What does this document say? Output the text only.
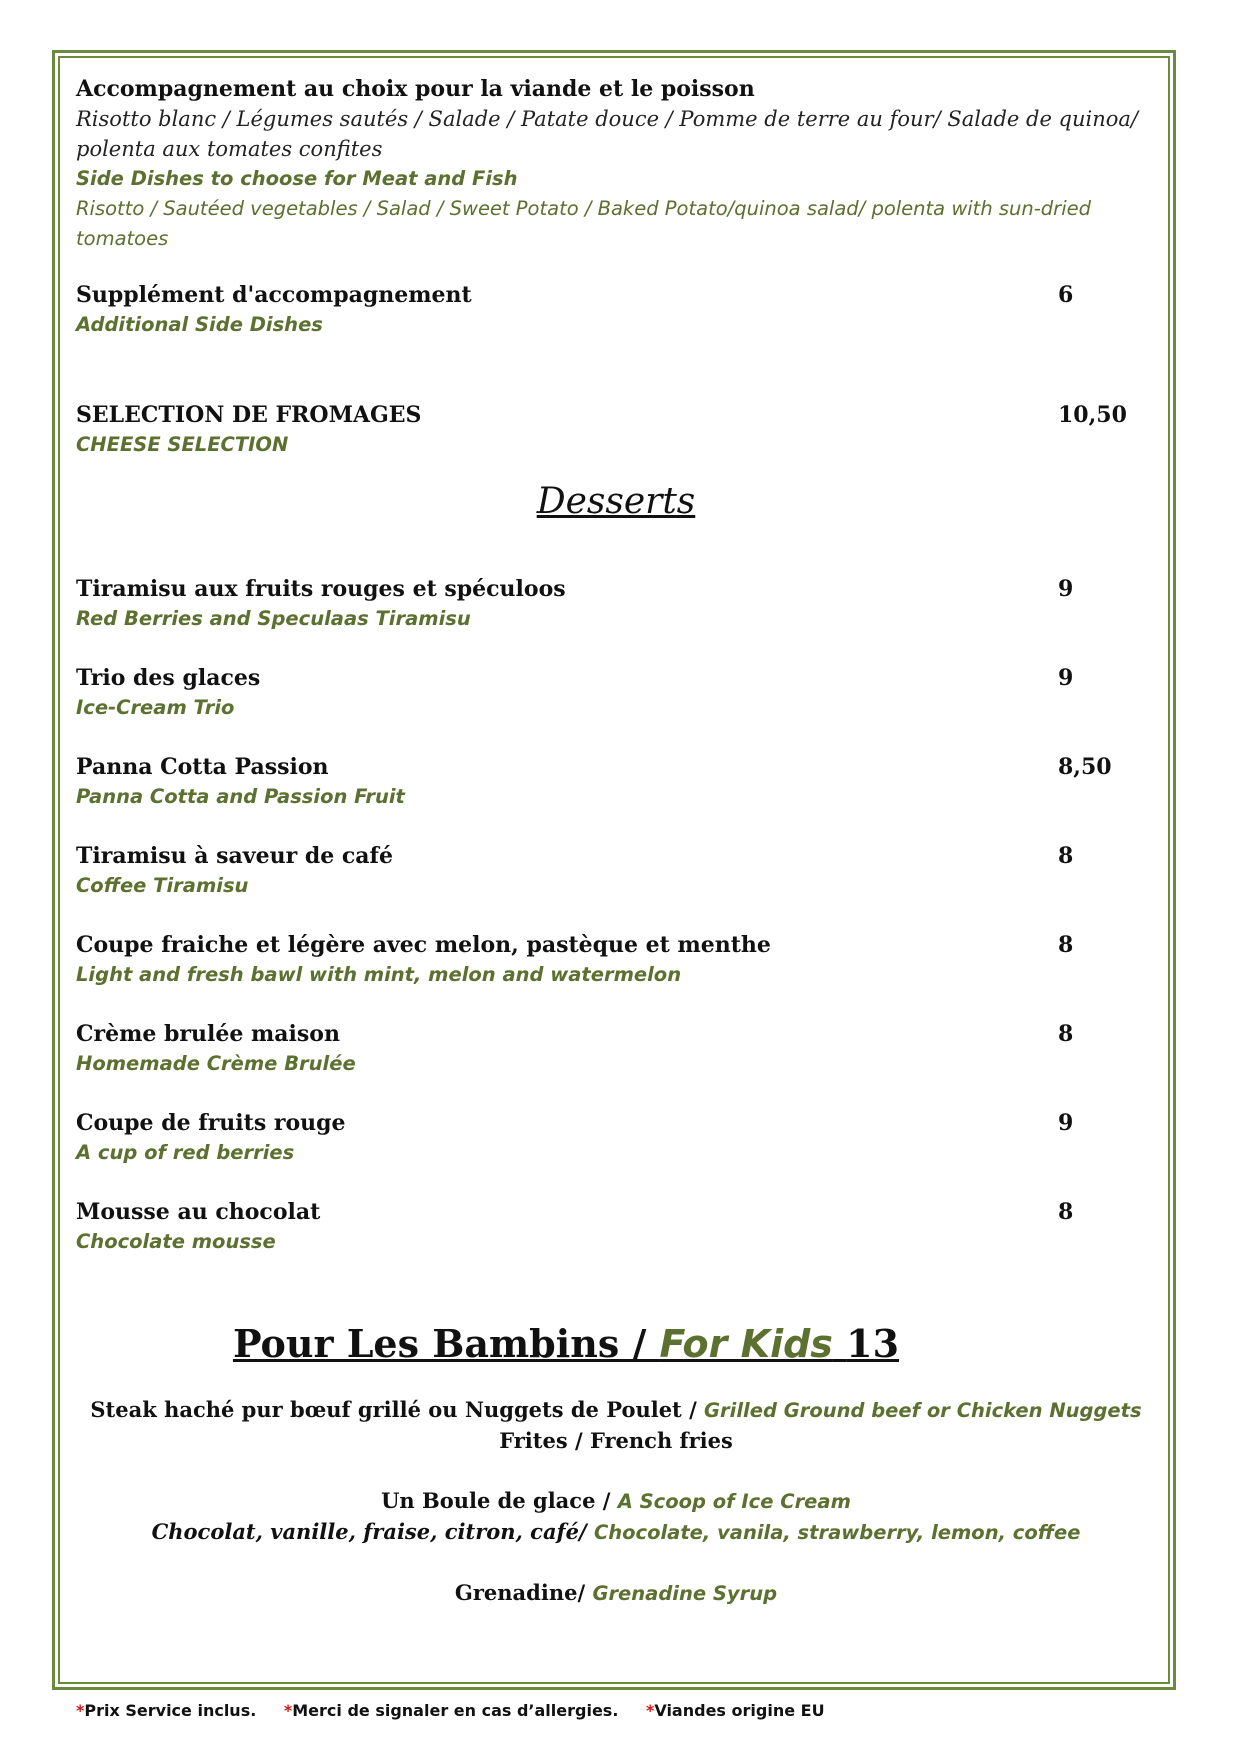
Accompagnement au choix pour la viande et le poisson
Risotto blanc / Légumes sautés / Salade / Patate douce / Pomme de terre au four/ Salade de quinoa/
polenta aux tomates confites
Side Dishes to choose for Meat and Fish
Risotto / Sautéed vegetables / Salad / Sweet Potato / Baked Potato/quinoa salad/ polenta with sun-dried
tomatoes
Supplément d'accompagnement
Additional Side Dishes
6
SELECTION DE FROMAGES
CHEESE SELECTION
10,50
Desserts
Tiramisu aux fruits rouges et spéculoos
Red Berries and Speculaas Tiramisu
9
Trio des glaces
Ice-Cream Trio
9
Panna Cotta Passion
Panna Cotta and Passion Fruit
8,50
Tiramisu à saveur de café
Coffee Tiramisu
8
Coupe fraiche et légère avec melon, pastèque et menthe
Light and fresh bawl with mint, melon and watermelon
8
Crème brulée maison
Homemade Crème Brulée
8
Coupe de fruits rouge
A cup of red berries
9
Mousse au chocolat
Chocolate mousse
8
Pour Les Bambins / For Kids 13
Steak haché pur bœuf grillé ou Nuggets de Poulet / Grilled Ground beef or Chicken Nuggets
Frites / French fries
Un Boule de glace / A Scoop of Ice Cream
Chocolat, vanille, fraise, citron, café/ Chocolate, vanila, strawberry, lemon, coffee
Grenadine/ Grenadine Syrup
*Prix Service inclus. *Merci de signaler en cas d’allergies. *Viandes origine EU
